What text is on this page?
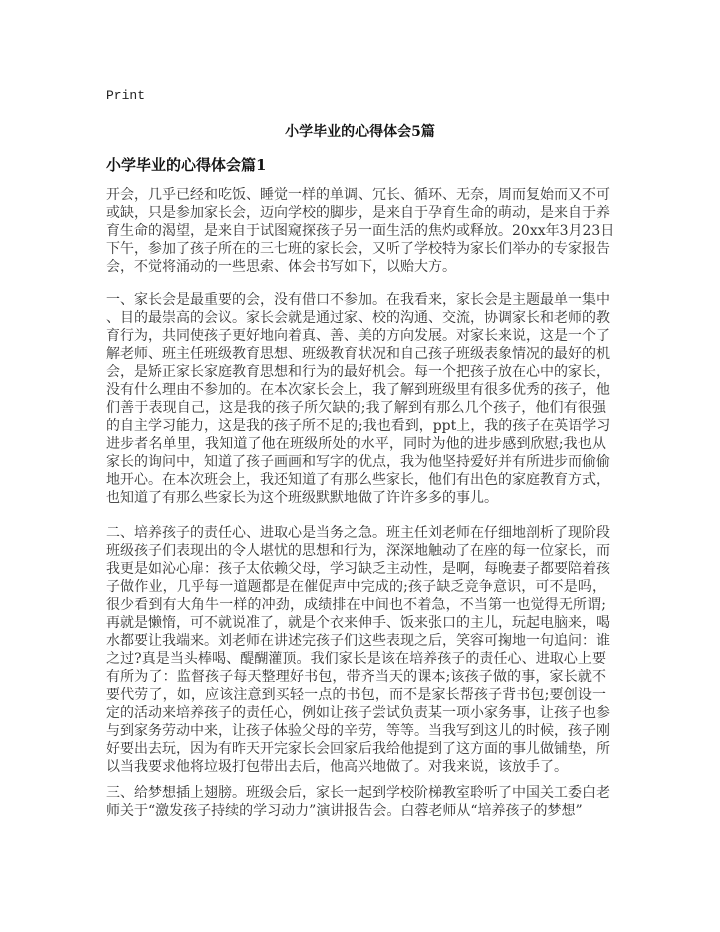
Print
小学毕业的心得体会5篇
小学毕业的心得体会篇1
开会，几乎已经和吃饭、睡觉一样的单调、冗长、循环、无奈，周而复始而又不可
或缺，只是参加家长会，迈向学校的脚步，是来自于孕育生命的萌动，是来自于养
育生命的渴望，是来自于试图窥探孩子另一面生活的焦灼或释放。20xx年3月23日
下午，参加了孩子所在的三七班的家长会，又听了学校特为家长们举办的专家报告
会，不觉将涌动的一些思索、体会书写如下，以贻大方。
一、家长会是最重要的会，没有借口不参加。在我看来，家长会是主题最单一集中
、目的最崇高的会议。家长会就是通过家、校的沟通、交流，协调家长和老师的教
育行为，共同使孩子更好地向着真、善、美的方向发展。对家长来说，这是一个了
解老师、班主任班级教育思想、班级教育状况和自己孩子班级表象情况的最好的机
会，是矫正家长家庭教育思想和行为的最好机会。每一个把孩子放在心中的家长，
没有什么理由不参加的。在本次家长会上，我了解到班级里有很多优秀的孩子，他
们善于表现自己，这是我的孩子所欠缺的;我了解到有那么几个孩子，他们有很强
的自主学习能力，这是我的孩子所不足的;我也看到，ppt上，我的孩子在英语学习
进步者名单里，我知道了他在班级所处的水平，同时为他的进步感到欣慰;我也从
家长的询问中，知道了孩子画画和写字的优点，我为他坚持爱好并有所进步而偷偷
地开心。在本次班会上，我还知道了有那么些家长，他们有出色的家庭教育方式，
也知道了有那么些家长为这个班级默默地做了许许多多的事儿。
二、培养孩子的责任心、进取心是当务之急。班主任刘老师在仔细地剖析了现阶段
班级孩子们表现出的令人堪忧的思想和行为，深深地触动了在座的每一位家长，而
我更是如沁心扉：孩子太依赖父母，学习缺乏主动性，是啊，每晚妻子都要陪着孩
子做作业，几乎每一道题都是在催促声中完成的;孩子缺乏竞争意识，可不是吗，
很少看到有大角牛一样的冲劲，成绩排在中间也不着急，不当第一也觉得无所谓;
再就是懒惰，可不就说准了，就是个衣来伸手、饭来张口的主儿，玩起电脑来，喝
水都要让我端来。刘老师在讲述完孩子们这些表现之后，笑容可掬地一句追问：谁
之过?真是当头棒喝、醍醐灌顶。我们家长是该在培养孩子的责任心、进取心上要
有所为了：监督孩子每天整理好书包，带齐当天的课本;该孩子做的事，家长就不
要代劳了，如，应该注意到买轻一点的书包，而不是家长帮孩子背书包;要创设一
定的活动来培养孩子的责任心，例如让孩子尝试负责某一项小家务事，让孩子也参
与到家务劳动中来，让孩子体验父母的辛劳，等等。当我写到这儿的时候，孩子刚
好要出去玩，因为有昨天开完家长会回家后我给他提到了这方面的事儿做铺垫，所
以当我要求他将垃圾打包带出去后，他高兴地做了。对我来说，该放手了。
三、给梦想插上翅膀。班级会后，家长一起到学校阶梯教室聆听了中国关工委白老
师关于“激发孩子持续的学习动力”演讲报告会。白蓉老师从“培养孩子的梦想”
